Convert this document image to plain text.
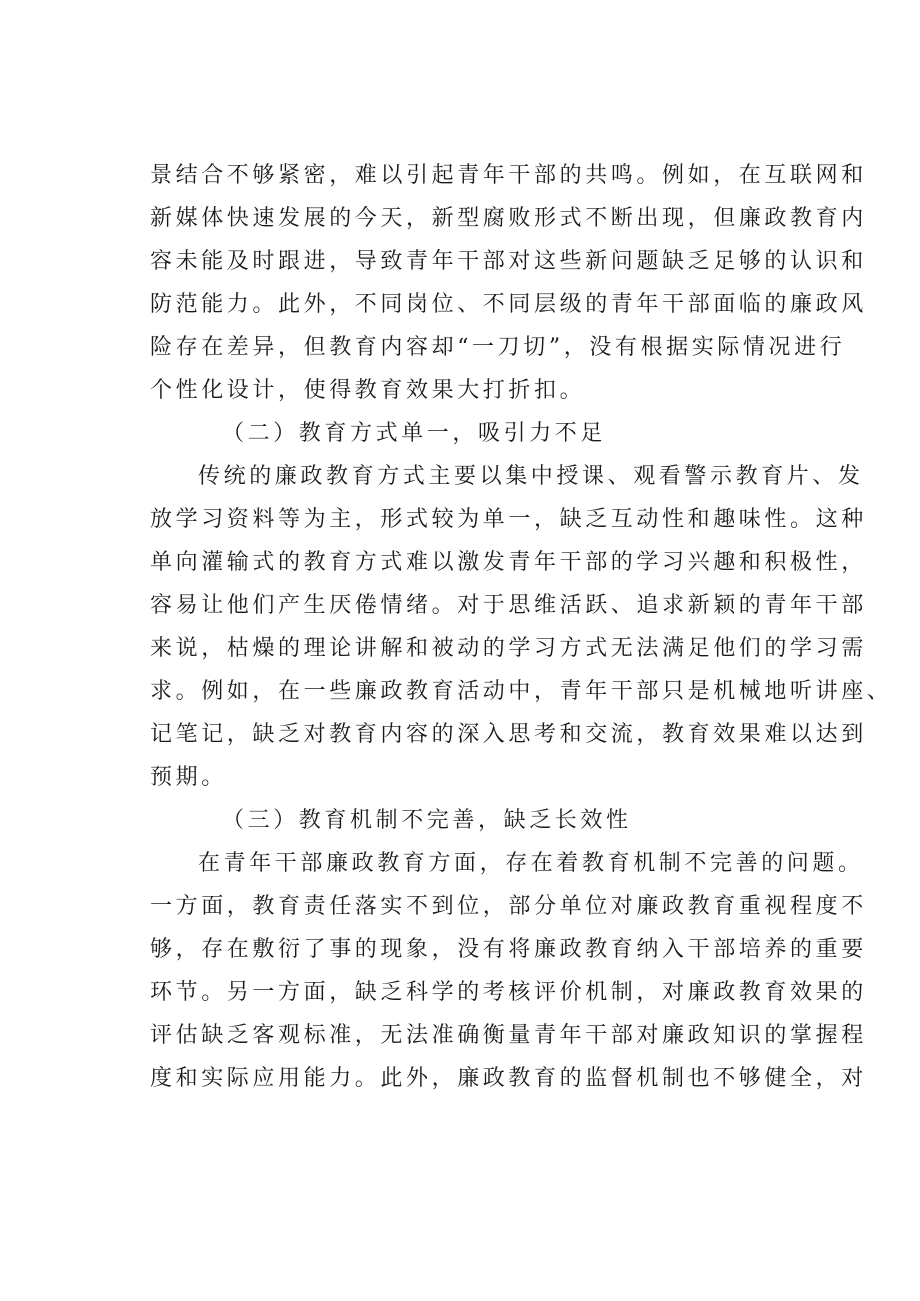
景结合不够紧密，难以引起青年干部的共鸣。例如，在互联网和
新媒体快速发展的今天，新型腐败形式不断出现，但廉政教育内
容未能及时跟进，导致青年干部对这些新问题缺乏足够的认识和
防范能力。此外，不同岗位、不同层级的青年干部面临的廉政风
险存在差异，但教育内容却“一刀切”，没有根据实际情况进行
个性化设计，使得教育效果大打折扣。
（二）教育方式单一，吸引力不足
传统的廉政教育方式主要以集中授课、观看警示教育片、发
放学习资料等为主，形式较为单一，缺乏互动性和趣味性。这种
单向灌输式的教育方式难以激发青年干部的学习兴趣和积极性，
容易让他们产生厌倦情绪。对于思维活跃、追求新颖的青年干部
来说，枯燥的理论讲解和被动的学习方式无法满足他们的学习需
求。例如，在一些廉政教育活动中，青年干部只是机械地听讲座、
记笔记，缺乏对教育内容的深入思考和交流，教育效果难以达到
预期。
（三）教育机制不完善，缺乏长效性
在青年干部廉政教育方面，存在着教育机制不完善的问题。
一方面，教育责任落实不到位，部分单位对廉政教育重视程度不
够，存在敷衍了事的现象，没有将廉政教育纳入干部培养的重要
环节。另一方面，缺乏科学的考核评价机制，对廉政教育效果的
评估缺乏客观标准，无法准确衡量青年干部对廉政知识的掌握程
度和实际应用能力。此外，廉政教育的监督机制也不够健全，对
